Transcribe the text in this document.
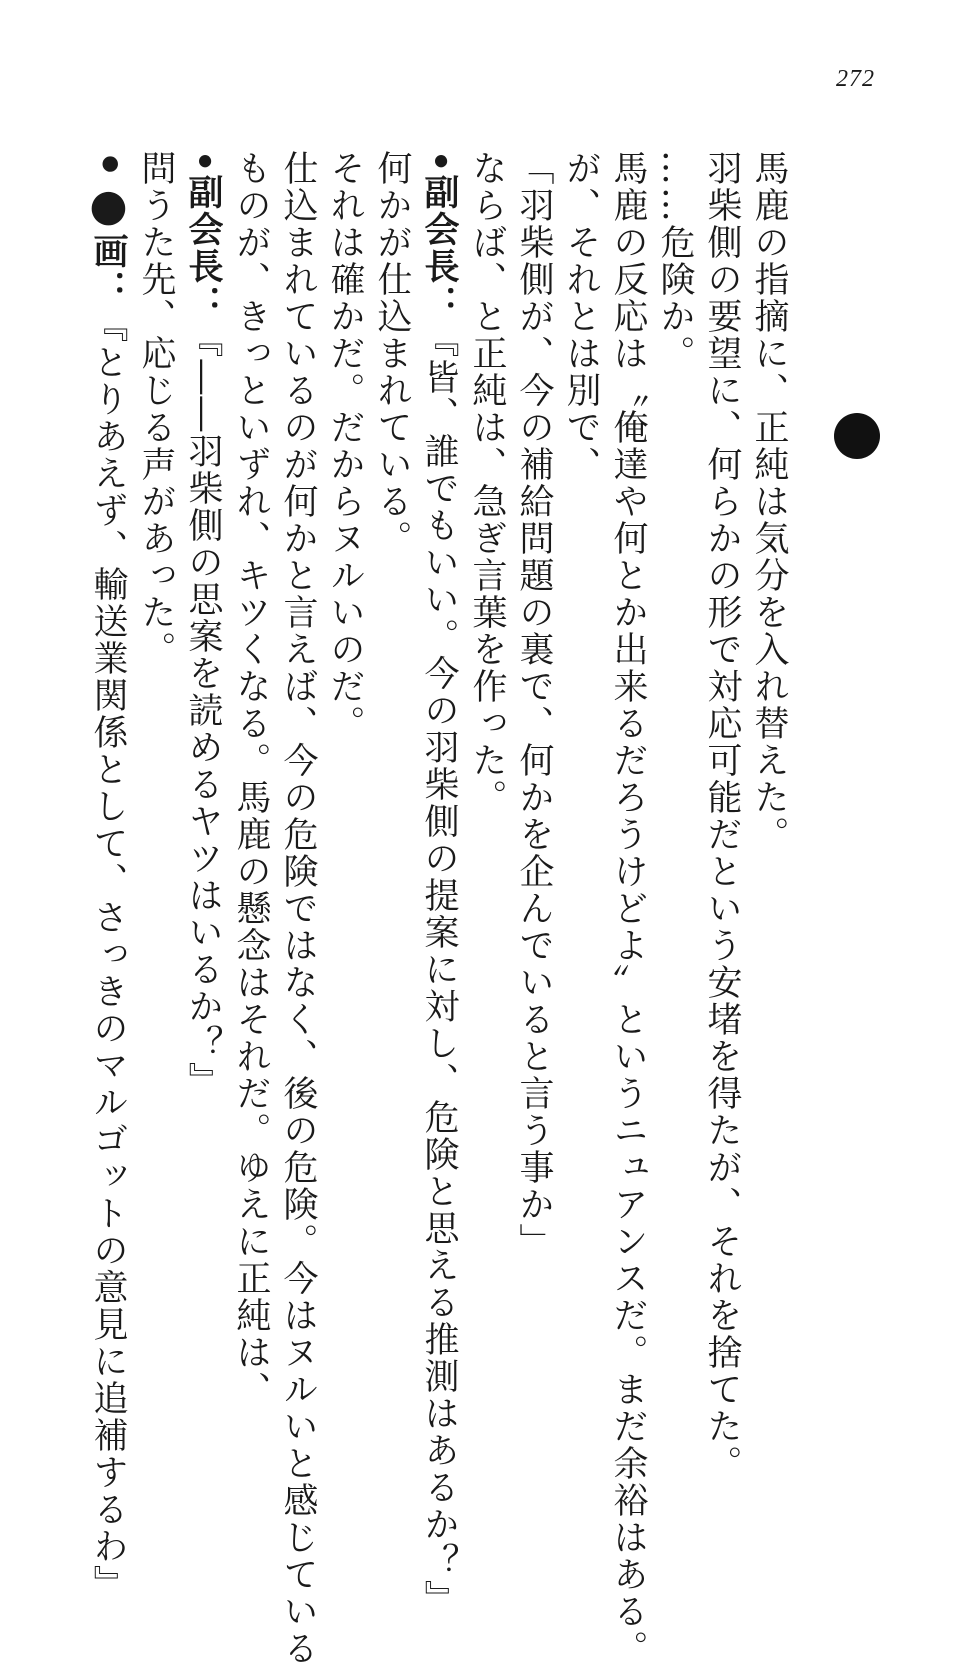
272
馬鹿の指摘に、正純は気分を入れ替えた。
羽柴側の要望に、何らかの形で対応可能だという安堵を得たが、それを捨てた。
……危険か。
馬鹿の反応は〝俺達や何とか出来るだろうけどよ〟というニュアンスだ。まだ余裕はある。
が、それとは別で、
「羽柴側が、今の補給問題の裏で、何かを企んでいると言う事か」
ならば、と正純は、急ぎ言葉を作った。
•副会長：『皆、誰でもいい。今の羽柴側の提案に対し、危険と思える推測はあるか？』
何かが仕込まれている。
それは確かだ。だからヌルいのだ。
仕込まれているのが何かと言えば、今の危険ではなく、後の危険。今はヌルいと感じている
ものが、きっといずれ、キツくなる。馬鹿の懸念はそれだ。ゆえに正純は、
•副会長：『――羽柴側の思案を読めるヤツはいるか？』
問うた先、応じる声があった。
•●画：『とりあえず、輸送業関係として、さっきのマルゴットの意見に追補するわ』
